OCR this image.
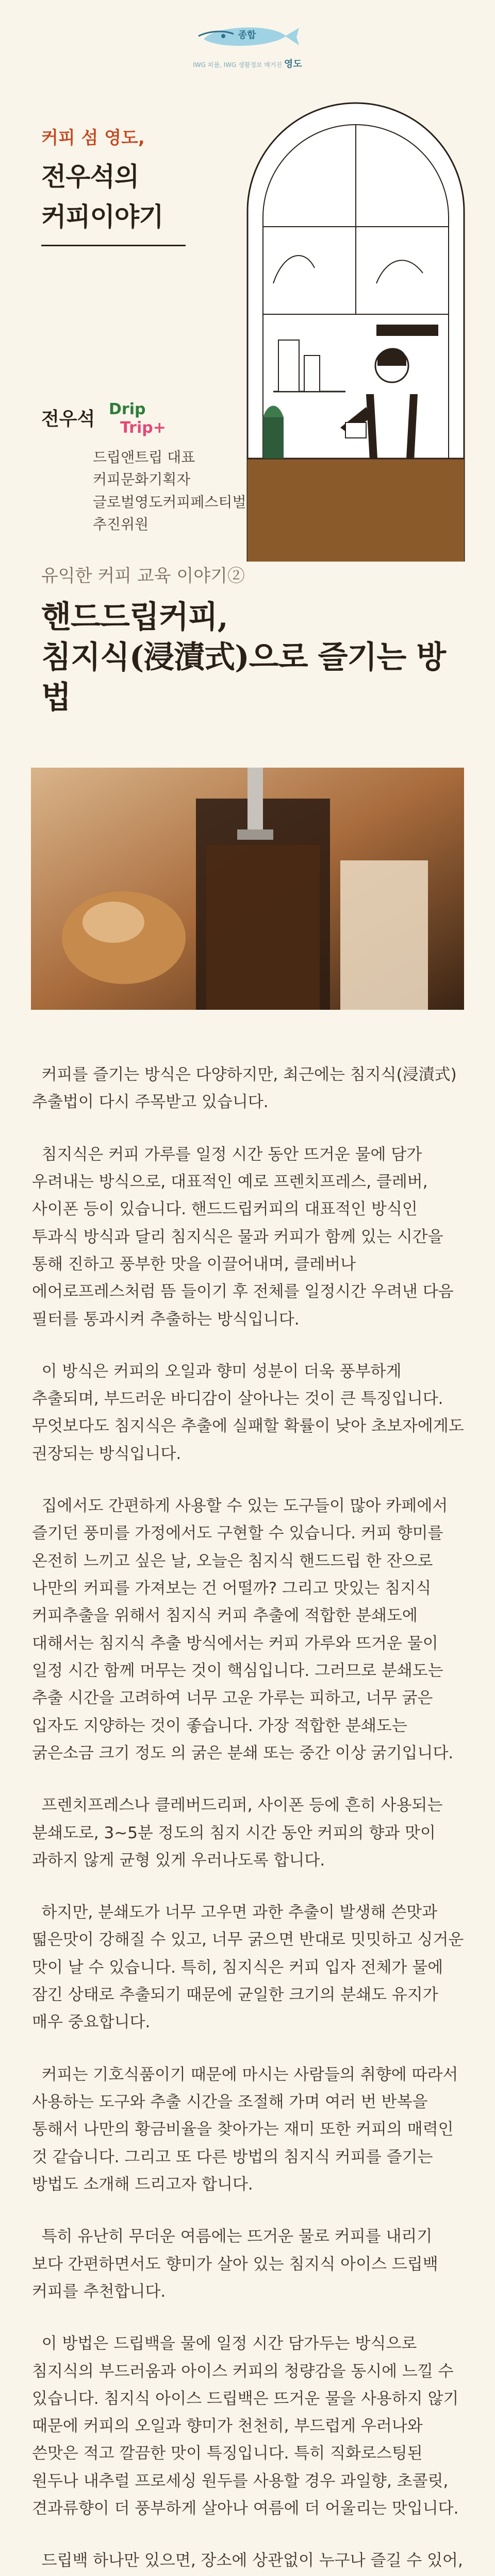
종합
IWG 피플, IWG 생활정보 매거진 영도
커피 섬 영도,
전우석의
커피이야기
전우석 Drip
Trip+
드립앤트립 대표
커피문화기획자
글로벌영도커피페스티벌 추진위원
유익한 커피 교육 이야기②
핸드드립커피,
침지식(浸漬式)으로 즐기는 방법

커피를 즐기는 방식은 다양하지만, 최근에는 침지식(浸漬式) 추출법이 다시 주목받고 있습니다.

침지식은 커피 가루를 일정 시간 동안 뜨거운 물에 담가 우려내는 방식으로, 대표적인 예로 프렌치프레스, 클레버, 사이폰 등이 있습니다. 핸드드립커피의 대표적인 방식인 투과식 방식과 달리 침지식은 물과 커피가 함께 있는 시간을 통해 진하고 풍부한 맛을 이끌어내며, 클레버나 에어로프레스처럼 뜸 들이기 후 전체를 일정시간 우려낸 다음 필터를 통과시켜 추출하는 방식입니다.

이 방식은 커피의 오일과 향미 성분이 더욱 풍부하게 추출되며, 부드러운 바디감이 살아나는 것이 큰 특징입니다. 무엇보다도 침지식은 추출에 실패할 확률이 낮아 초보자에게도 권장되는 방식입니다.

집에서도 간편하게 사용할 수 있는 도구들이 많아 카페에서 즐기던 풍미를 가정에서도 구현할 수 있습니다. 커피 향미를 온전히 느끼고 싶은 날, 오늘은 침지식 핸드드립 한 잔으로 나만의 커피를 가져보는 건 어떨까? 그리고 맛있는 침지식 커피추출을 위해서 침지식 커피 추출에 적합한 분쇄도에 대해서는 침지식 추출 방식에서는 커피 가루와 뜨거운 물이 일정 시간 함께 머무는 것이 핵심입니다. 그러므로 분쇄도는 추출 시간을 고려하여 너무 고운 가루는 피하고, 너무 굵은 입자도 지양하는 것이 좋습니다. 가장 적합한 분쇄도는 굵은소금 크기 정도 의 굵은 분쇄 또는 중간 이상 굵기입니다.

프렌치프레스나 클레버드리퍼, 사이폰 등에 흔히 사용되는 분쇄도로, 3~5분 정도의 침지 시간 동안 커피의 향과 맛이 과하지 않게 균형 있게 우러나도록 합니다.

하지만, 분쇄도가 너무 고우면 과한 추출이 발생해 쓴맛과 떫은맛이 강해질 수 있고, 너무 굵으면 반대로 밋밋하고 싱거운 맛이 날 수 있습니다. 특히, 침지식은 커피 입자 전체가 물에 잠긴 상태로 추출되기 때문에 균일한 크기의 분쇄도 유지가 매우 중요합니다.

커피는 기호식품이기 때문에 마시는 사람들의 취향에 따라서 사용하는 도구와 추출 시간을 조절해 가며 여러 번 반복을 통해서 나만의 황금비율을 찾아가는 재미 또한 커피의 매력인 것 같습니다. 그리고 또 다른 방법의 침지식 커피를 즐기는 방법도 소개해 드리고자 합니다.

특히 유난히 무더운 여름에는 뜨거운 물로 커피를 내리기 보다 간편하면서도 향미가 살아 있는 침지식 아이스 드립백 커피를 추천합니다.

이 방법은 드립백을 물에 일정 시간 담가두는 방식으로 침지식의 부드러움과 아이스 커피의 청량감을 동시에 느낄 수 있습니다. 침지식 아이스 드립백은 뜨거운 물을 사용하지 않기 때문에 커피의 오일과 향미가 천천히, 부드럽게 우러나와 쓴맛은 적고 깔끔한 맛이 특징입니다. 특히 직화로스팅된 원두나 내추럴 프로세싱 원두를 사용할 경우 과일향, 초콜릿, 견과류향이 더 풍부하게 살아나 여름에 더 어울리는 맛입니다.

드립백 하나만 있으면, 장소에 상관없이 누구나 즐길 수 있어,
